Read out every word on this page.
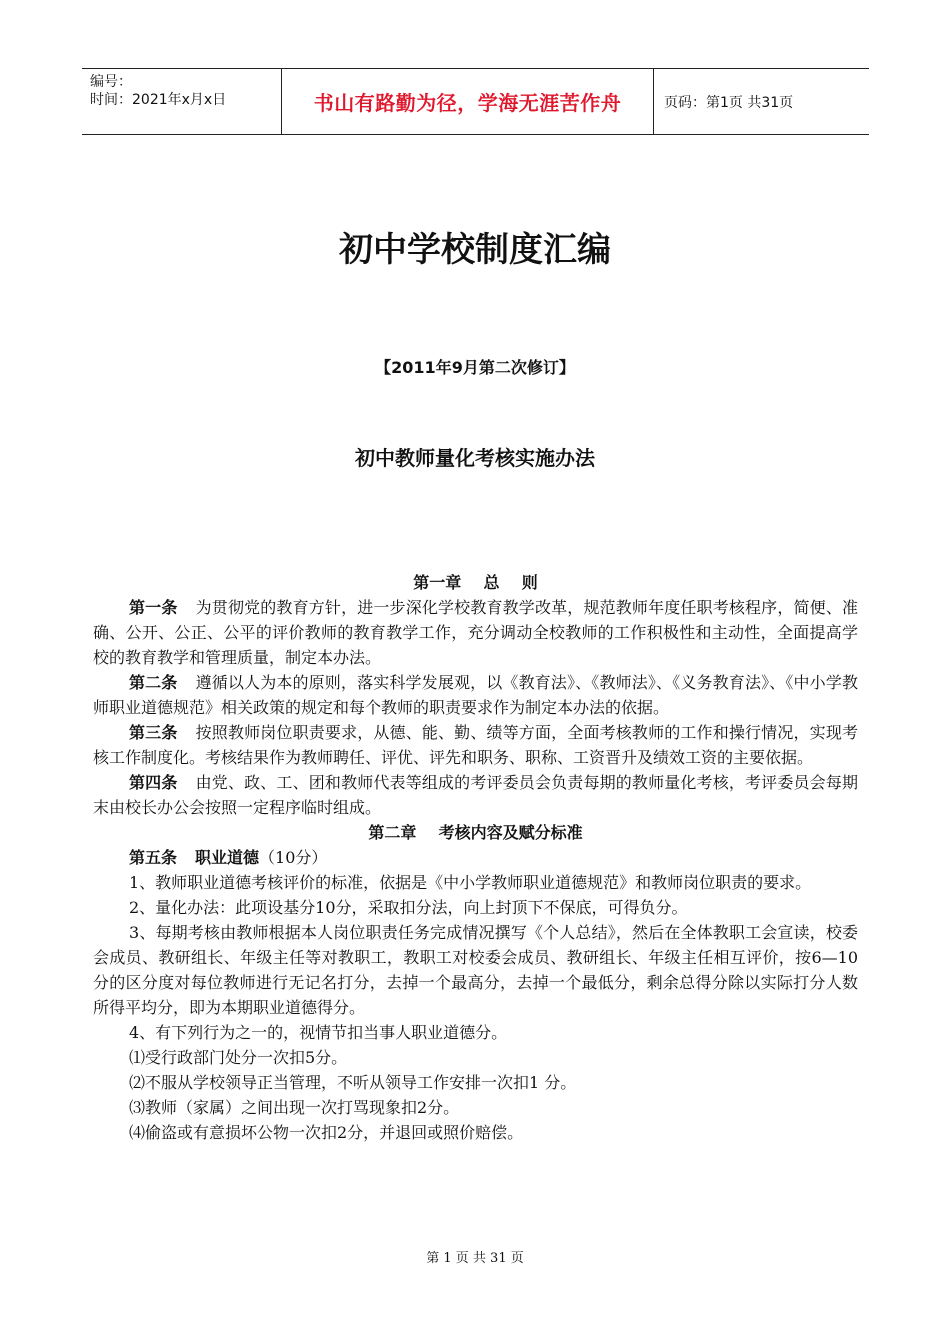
编号：
时间：2021年x月x日	书山有路勤为径，学海无涯苦作舟	页码：第1页 共31页
初中学校制度汇编
【2011年9月第二次修订】
初中教师量化考核实施办法
第一章    总    则

第一条 为贯彻党的教育方针，进一步深化学校教育教学改革，规范教师年度任职考核程序，简便、准确、公开、公正、公平的评价教师的教育教学工作，充分调动全校教师的工作积极性和主动性，全面提高学校的教育教学和管理质量，制定本办法。

第二条 遵循以人为本的原则，落实科学发展观，以《教育法》、《教师法》、《义务教育法》、《中小学教师职业道德规范》相关政策的规定和每个教师的职责要求作为制定本办法的依据。

第三条 按照教师岗位职责要求，从德、能、勤、绩等方面，全面考核教师的工作和操行情况，实现考核工作制度化。考核结果作为教师聘任、评优、评先和职务、职称、工资晋升及绩效工资的主要依据。

第四条 由党、政、工、团和教师代表等组成的考评委员会负责每期的教师量化考核，考评委员会每期末由校长办公会按照一定程序临时组成。

第二章    考核内容及赋分标准

第五条 职业道德（10分）

1、教师职业道德考核评价的标准，依据是《中小学教师职业道德规范》和教师岗位职责的要求。

2、量化办法：此项设基分10分，采取扣分法，向上封顶下不保底，可得负分。

3、每期考核由教师根据本人岗位职责任务完成情况撰写《个人总结》，然后在全体教职工会宣读，校委会成员、教研组长、年级主任等对教职工，教职工对校委会成员、教研组长、年级主任相互评价，按6—10分的区分度对每位教师进行无记名打分，去掉一个最高分，去掉一个最低分，剩余总得分除以实际打分人数所得平均分，即为本期职业道德得分。

4、有下列行为之一的，视情节扣当事人职业道德分。

⑴受行政部门处分一次扣5分。

⑵不服从学校领导正当管理，不听从领导工作安排一次扣1 分。

⑶教师（家属）之间出现一次打骂现象扣2分。

⑷偷盗或有意损坏公物一次扣2分，并退回或照价赔偿。

第 1 页 共 31 页
